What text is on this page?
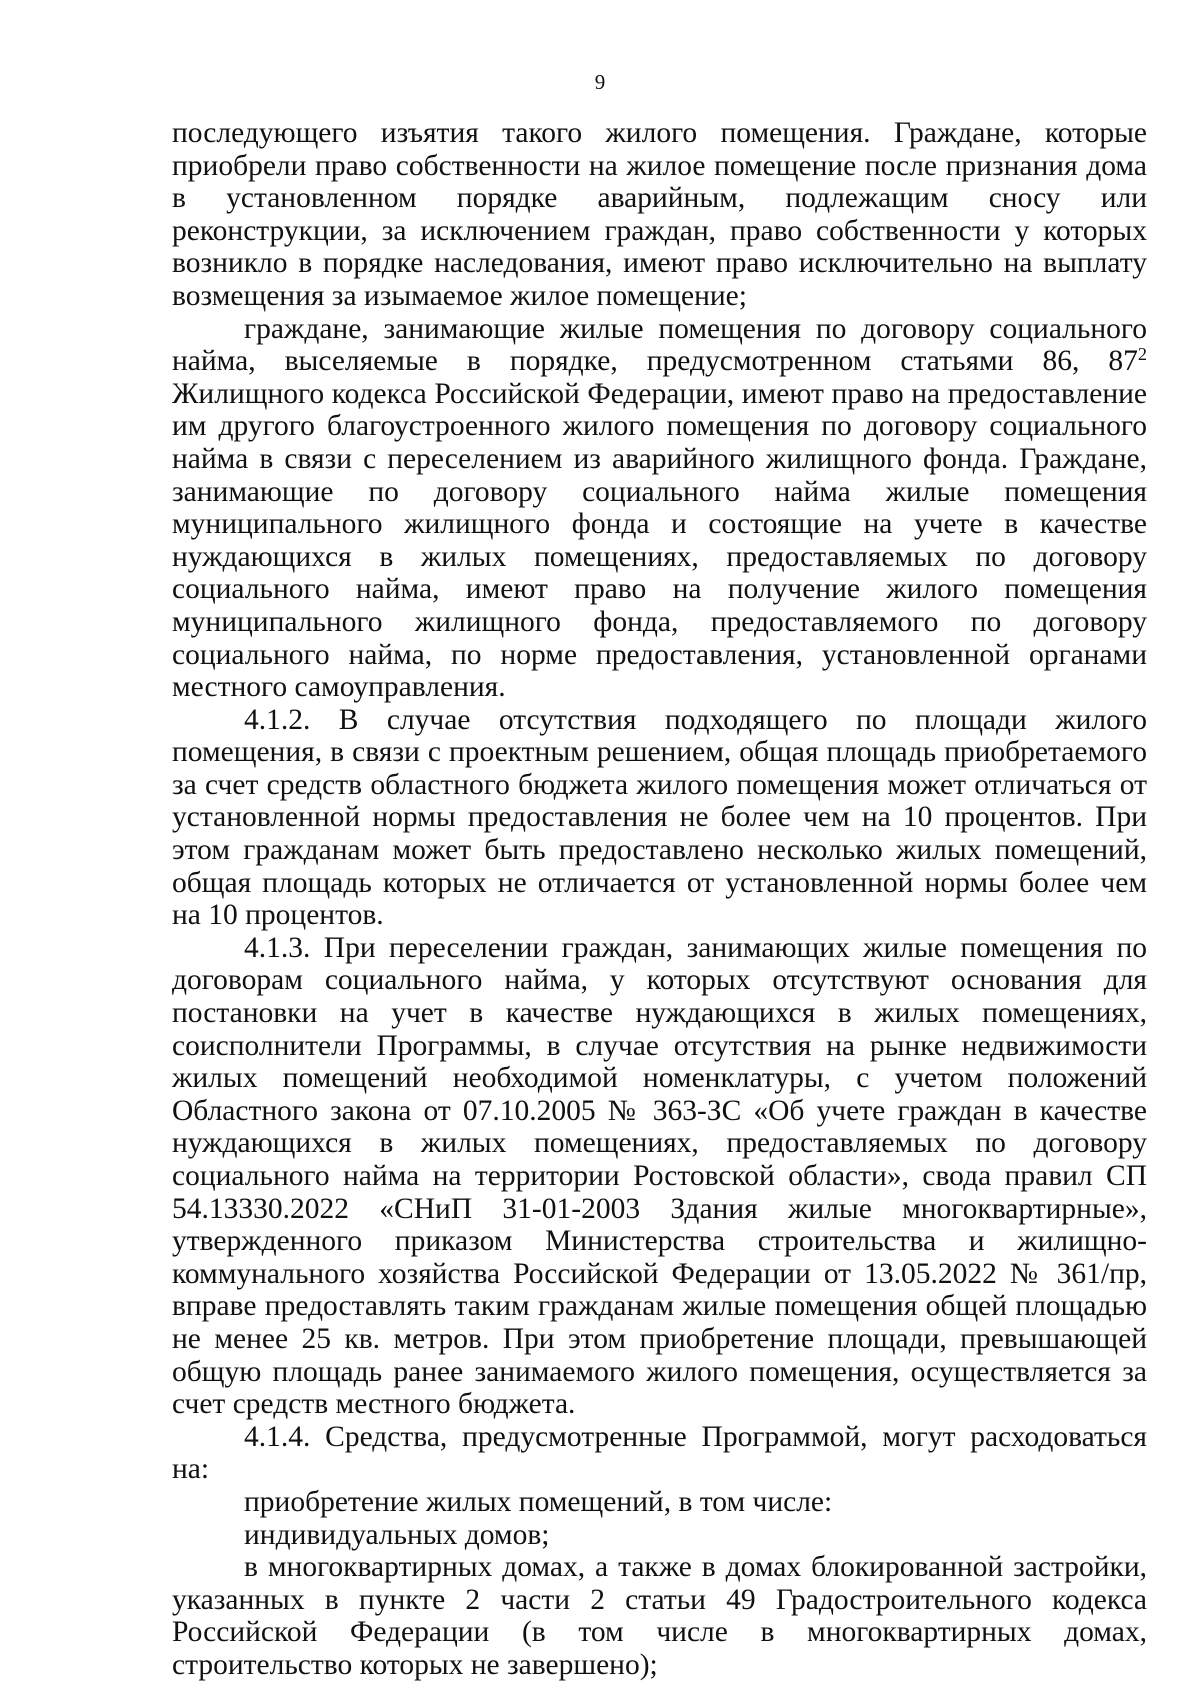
9

последующего изъятия такого жилого помещения. Граждане, которые приобрели право собственности на жилое помещение после признания дома в установленном порядке аварийным, подлежащим сносу или реконструкции, за исключением граждан, право собственности у которых возникло в порядке наследования, имеют право исключительно на выплату возмещения за изымаемое жилое помещение;

граждане, занимающие жилые помещения по договору социального найма, выселяемые в порядке, предусмотренном статьями 86, $87^2$ Жилищного кодекса Российской Федерации, имеют право на предоставление им другого благоустроенного жилого помещения по договору социального найма в связи с переселением из аварийного жилищного фонда. Граждане, занимающие по договору социального найма жилые помещения муниципального жилищного фонда и состоящие на учете в качестве нуждающихся в жилых помещениях, предоставляемых по договору социального найма, имеют право на получение жилого помещения муниципального жилищного фонда, предоставляемого по договору социального найма, по норме предоставления, установленной органами местного самоуправления.

4.1.2. В случае отсутствия подходящего по площади жилого помещения, в связи с проектным решением, общая площадь приобретаемого за счет средств областного бюджета жилого помещения может отличаться от установленной нормы предоставления не более чем на 10 процентов. При этом гражданам может быть предоставлено несколько жилых помещений, общая площадь которых не отличается от установленной нормы более чем на 10 процентов.

4.1.3. При переселении граждан, занимающих жилые помещения по договорам социального найма, у которых отсутствуют основания для постановки на учет в качестве нуждающихся в жилых помещениях, соисполнители Программы, в случае отсутствия на рынке недвижимости жилых помещений необходимой номенклатуры, с учетом положений Областного закона от 07.10.2005 № 363-ЗС «Об учете граждан в качестве нуждающихся в жилых помещениях, предоставляемых по договору социального найма на территории Ростовской области», свода правил СП 54.13330.2022 «СНиП 31-01-2003 Здания жилые многоквартирные», утвержденного приказом Министерства строительства и жилищно-коммунального хозяйства Российской Федерации от 13.05.2022 № 361/пр, вправе предоставлять таким гражданам жилые помещения общей площадью не менее 25 кв. метров. При этом приобретение площади, превышающей общую площадь ранее занимаемого жилого помещения, осуществляется за счет средств местного бюджета.

4.1.4. Средства, предусмотренные Программой, могут расходоваться на:

приобретение жилых помещений, в том числе:

индивидуальных домов;

в многоквартирных домах, а также в домах блокированной застройки, указанных в пункте 2 части 2 статьи 49 Градостроительного кодекса Российской Федерации (в том числе в многоквартирных домах, строительство которых не завершено);
